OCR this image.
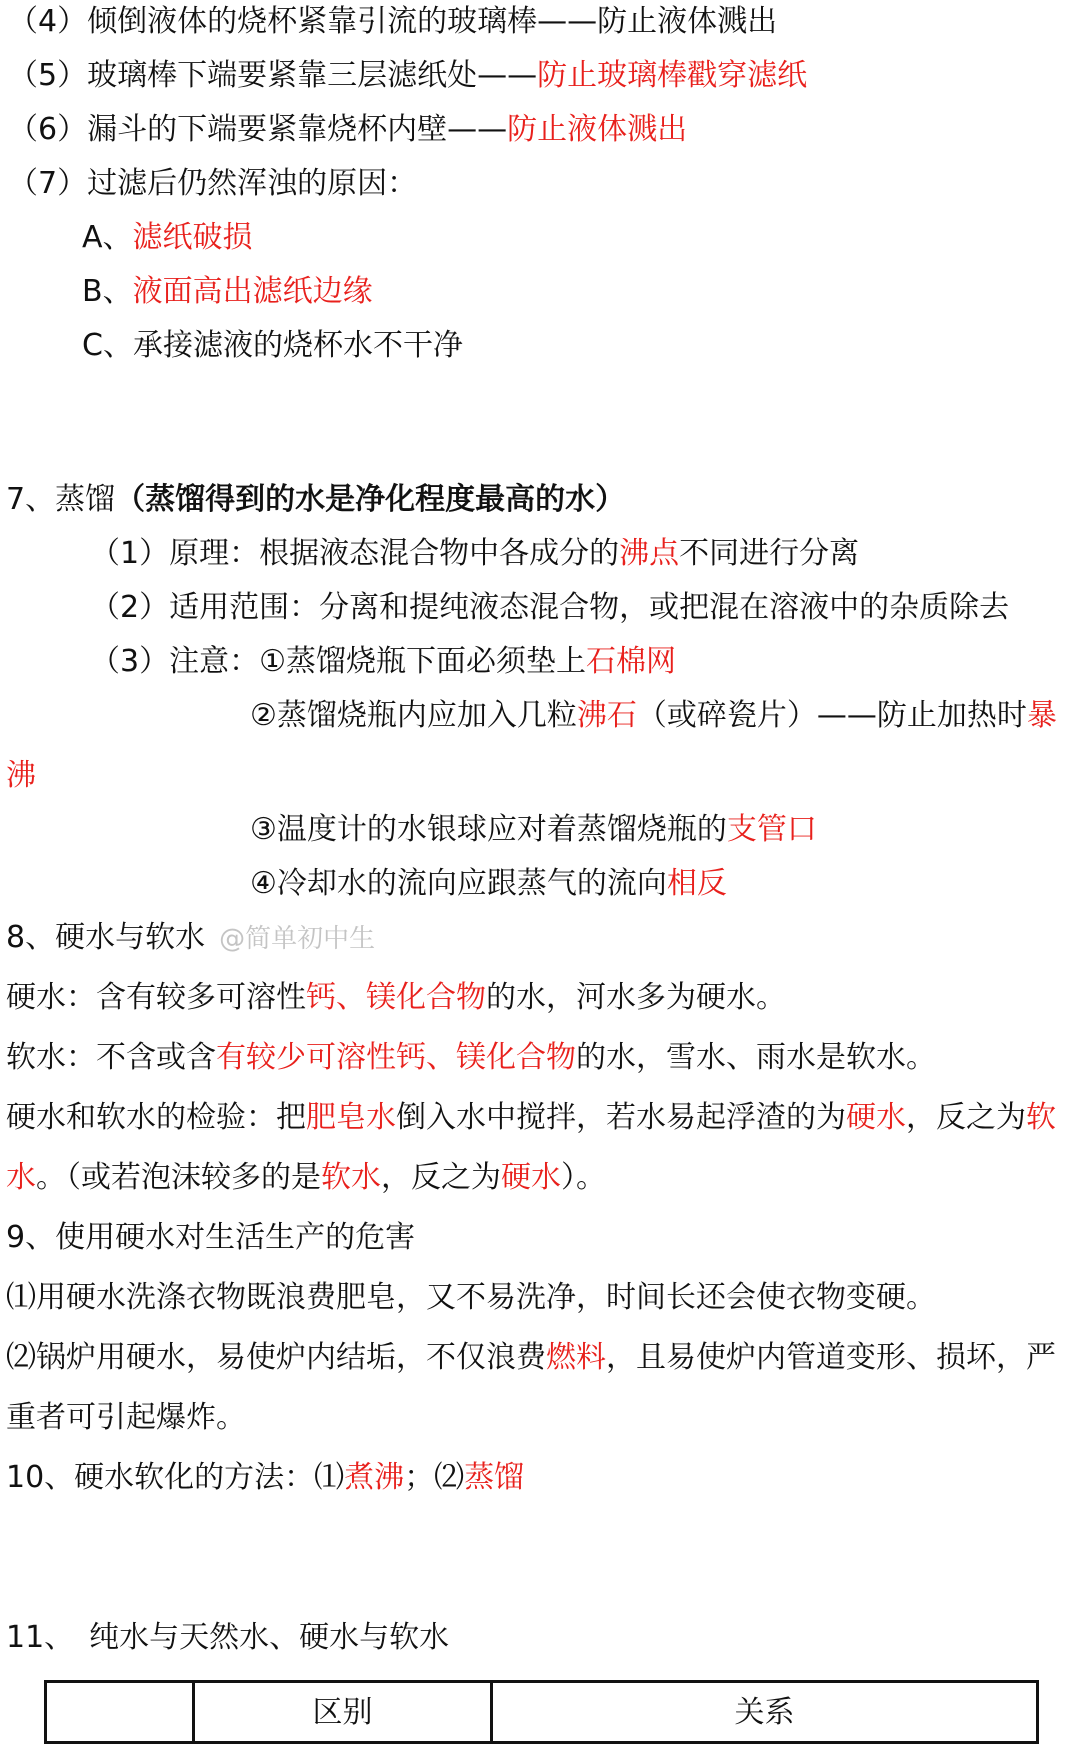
（4）倾倒液体的烧杯紧靠引流的玻璃棒——防止液体溅出
（5）玻璃棒下端要紧靠三层滤纸处——防止玻璃棒戳穿滤纸
（6）漏斗的下端要紧靠烧杯内壁——防止液体溅出
（7）过滤后仍然浑浊的原因：
A、滤纸破损
B、液面高出滤纸边缘
C、承接滤液的烧杯水不干净
7、蒸馏（蒸馏得到的水是净化程度最高的水）
（1）原理：根据液态混合物中各成分的沸点不同进行分离
（2）适用范围：分离和提纯液态混合物，或把混在溶液中的杂质除去
（3）注意：①蒸馏烧瓶下面必须垫上石棉网
②蒸馏烧瓶内应加入几粒沸石（或碎瓷片）——防止加热时暴
沸
③温度计的水银球应对着蒸馏烧瓶的支管口
④冷却水的流向应跟蒸气的流向相反
8、硬水与软水 @简单初中生
硬水：含有较多可溶性钙、镁化合物的水，河水多为硬水。
软水：不含或含有较少可溶性钙、镁化合物的水，雪水、雨水是软水。
硬水和软水的检验：把肥皂水倒入水中搅拌，若水易起浮渣的为硬水，反之为软
水。（或若泡沫较多的是软水，反之为硬水）。
9、使用硬水对生活生产的危害
⑴用硬水洗涤衣物既浪费肥皂，又不易洗净，时间长还会使衣物变硬。
⑵锅炉用硬水，易使炉内结垢，不仅浪费燃料，且易使炉内管道变形、损坏，严
重者可引起爆炸。
10、硬水软化的方法：⑴煮沸；⑵蒸馏
11、　纯水与天然水、硬水与软水
	区别	关系
